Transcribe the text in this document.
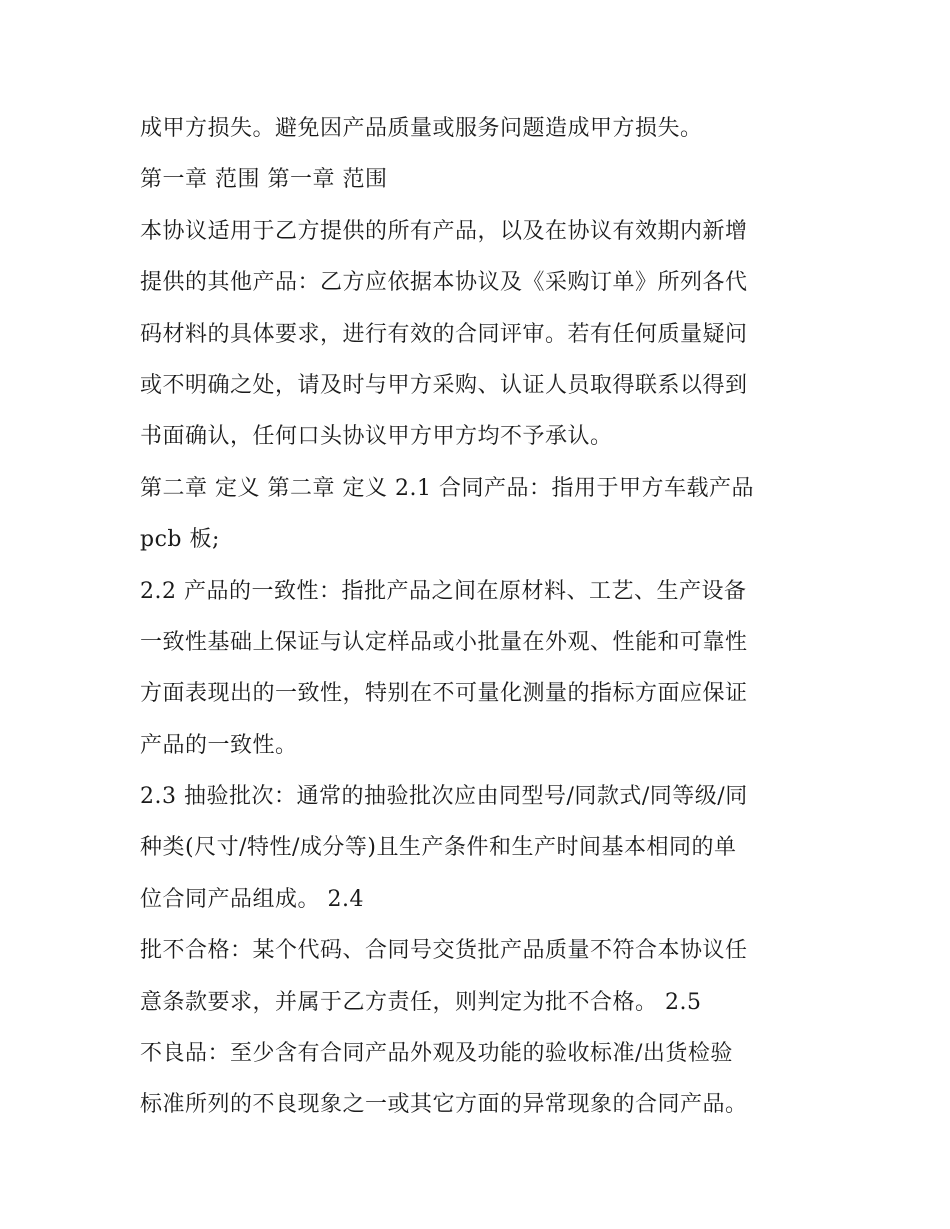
成甲方损失。避免因产品质量或服务问题造成甲方损失。
第一章 范围 第一章 范围
本协议适用于乙方提供的所有产品，以及在协议有效期内新增
提供的其他产品：乙方应依据本协议及《采购订单》所列各代
码材料的具体要求，进行有效的合同评审。若有任何质量疑问
或不明确之处，请及时与甲方采购、认证人员取得联系以得到
书面确认，任何口头协议甲方甲方均不予承认。
第二章 定义 第二章 定义 2.1 合同产品：指用于甲方车载产品
pcb 板;
2.2 产品的一致性：指批产品之间在原材料、工艺、生产设备
一致性基础上保证与认定样品或小批量在外观、性能和可靠性
方面表现出的一致性，特别在不可量化测量的指标方面应保证
产品的一致性。
2.3 抽验批次：通常的抽验批次应由同型号/同款式/同等级/同
种类(尺寸/特性/成分等)且生产条件和生产时间基本相同的单
位合同产品组成。 2.4
批不合格：某个代码、合同号交货批产品质量不符合本协议任
意条款要求，并属于乙方责任，则判定为批不合格。 2.5
不良品：至少含有合同产品外观及功能的验收标准/出货检验
标准所列的不良现象之一或其它方面的异常现象的合同产品。
